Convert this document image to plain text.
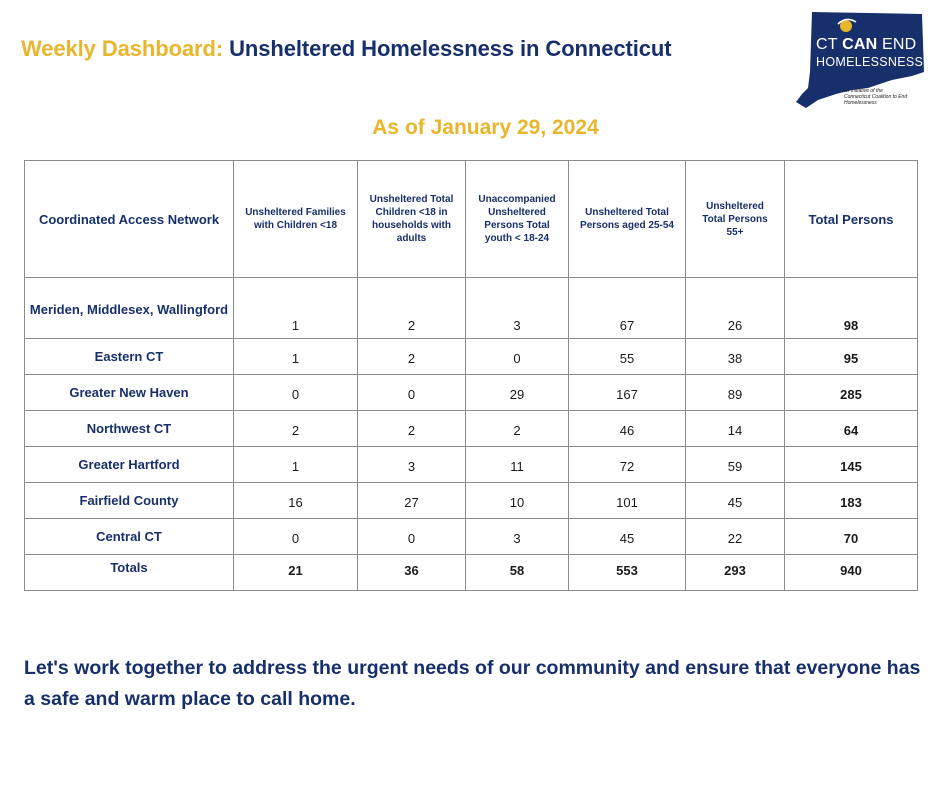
Weekly Dashboard: Unsheltered Homelessness in Connecticut	CT CAN END
HOMELESSNESS
an initiative of the
Connecticut Coalition to End Homelessness
As of January 29, 2024
Coordinated Access Network	Unsheltered Families with Children <18	Unsheltered Total Children <18 in households with adults	Unaccompanied Unsheltered Persons Total youth < 18-24	Unsheltered Total Persons aged 25-54	Unsheltered Total Persons 55+	Total Persons
Meriden, Middlesex, Wallingford	1	2	3	67	26	98
Eastern CT	1	2	0	55	38	95
Greater New Haven	0	0	29	167	89	285
Northwest CT	2	2	2	46	14	64
Greater Hartford	1	3	11	72	59	145
Fairfield County	16	27	10	101	45	183
Central CT	0	0	3	45	22	70
Totals	21	36	58	553	293	940
Let's work together to address the urgent needs of our community and ensure that everyone has a safe and warm place to call home.
